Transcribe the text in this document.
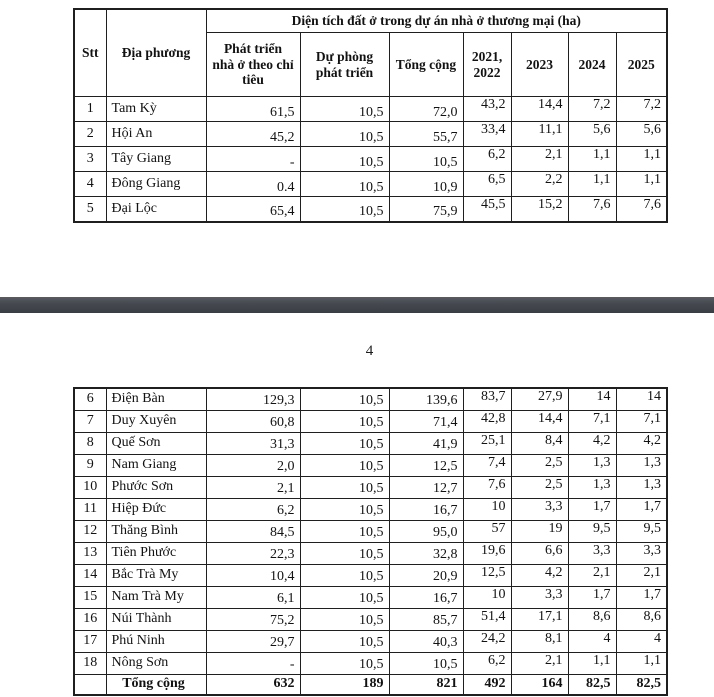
Stt	Địa phương	Diện tích đất ở trong dự án nhà ở thương mại (ha)						
		Phát triển nhà ở theo chỉ tiêu	Dự phòng phát triển	Tổng cộng	2021, 2022	2023	2024	2025
1	Tam Kỳ	61,5	10,5	72,0	43,2	14,4	7,2	7,2
2	Hội An	45,2	10,5	55,7	33,4	11,1	5,6	5,6
3	Tây Giang	-	10,5	10,5	6,2	2,1	1,1	1,1
4	Đông Giang	0.4	10,5	10,9	6,5	2,2	1,1	1,1
5	Đại Lộc	65,4	10,5	75,9	45,5	15,2	7,6	7,6
4
6	Điện Bàn	129,3	10,5	139,6	83,7	27,9	14	14
7	Duy Xuyên	60,8	10,5	71,4	42,8	14,4	7,1	7,1
8	Quế Sơn	31,3	10,5	41,9	25,1	8,4	4,2	4,2
9	Nam Giang	2,0	10,5	12,5	7,4	2,5	1,3	1,3
10	Phước Sơn	2,1	10,5	12,7	7,6	2,5	1,3	1,3
11	Hiệp Đức	6,2	10,5	16,7	10	3,3	1,7	1,7
12	Thăng Bình	84,5	10,5	95,0	57	19	9,5	9,5
13	Tiên Phước	22,3	10,5	32,8	19,6	6,6	3,3	3,3
14	Bắc Trà My	10,4	10,5	20,9	12,5	4,2	2,1	2,1
15	Nam Trà My	6,1	10,5	16,7	10	3,3	1,7	1,7
16	Núi Thành	75,2	10,5	85,7	51,4	17,1	8,6	8,6
17	Phú Ninh	29,7	10,5	40,3	24,2	8,1	4	4
18	Nông Sơn	-	10,5	10,5	6,2	2,1	1,1	1,1
	Tổng cộng	632	189	821	492	164	82,5	82,5
